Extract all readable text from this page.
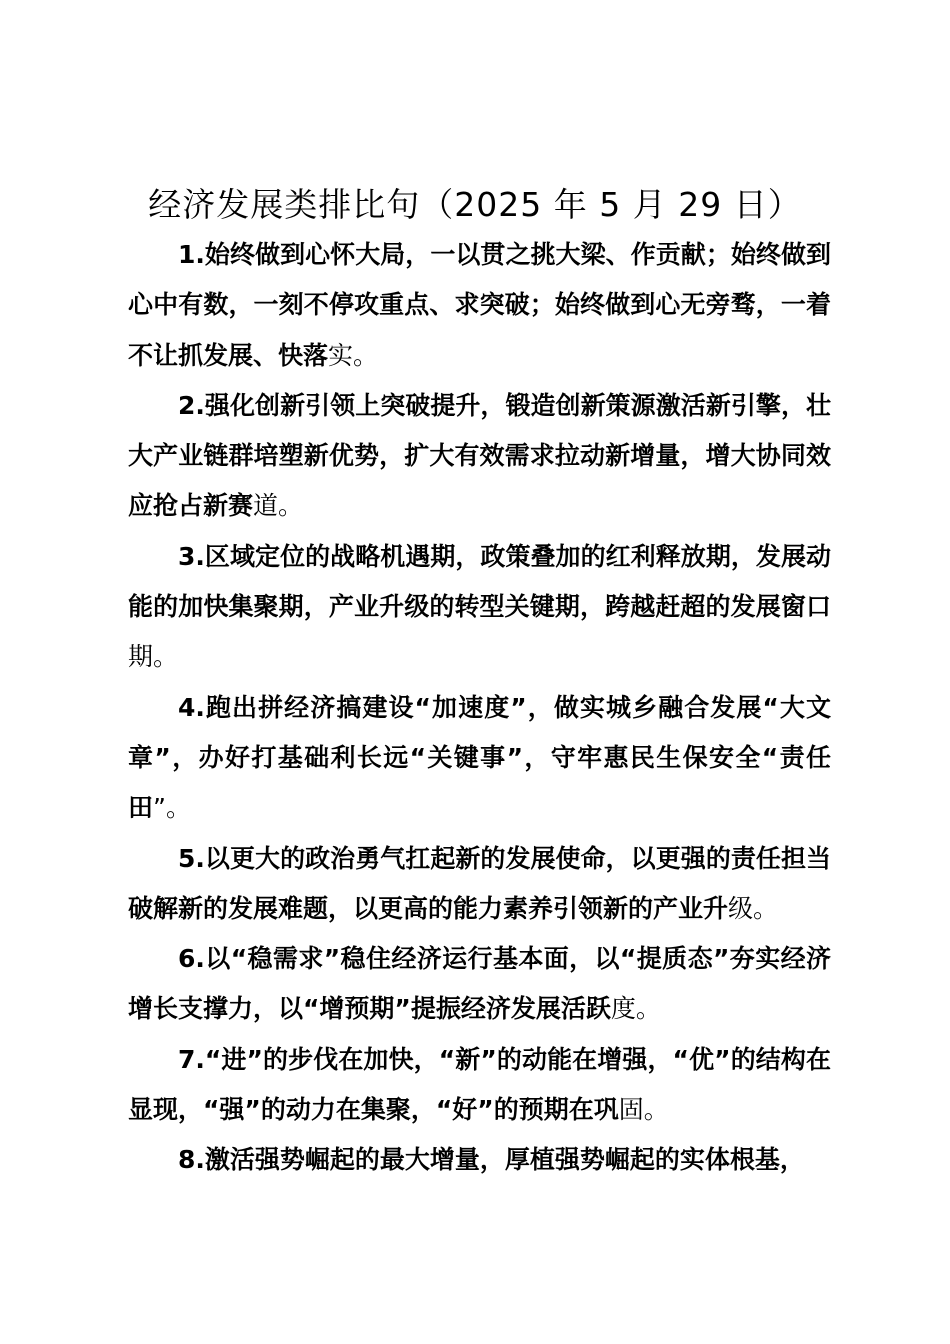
经济发展类排比句（2025 年 5 月 29 日）

1.始终做到心怀大局，一以贯之挑大梁、作贡献；始终做到心中有数，一刻不停攻重点、求突破；始终做到心无旁骛，一着不让抓发展、快落实。

2.强化创新引领上突破提升，锻造创新策源激活新引擎，壮大产业链群培塑新优势，扩大有效需求拉动新增量，增大协同效应抢占新赛道。

3.区域定位的战略机遇期，政策叠加的红利释放期，发展动能的加快集聚期，产业升级的转型关键期，跨越赶超的发展窗口期。

4.跑出拼经济搞建设“加速度”，做实城乡融合发展“大文章”，办好打基础利长远“关键事”，守牢惠民生保安全“责任田”。

5.以更大的政治勇气扛起新的发展使命，以更强的责任担当破解新的发展难题，以更高的能力素养引领新的产业升级。

6.以“稳需求”稳住经济运行基本面，以“提质态”夯实经济增长支撑力，以“增预期”提振经济发展活跃度。

7.“进”的步伐在加快，“新”的动能在增强，“优”的结构在显现，“强”的动力在集聚，“好”的预期在巩固。

8.激活强势崛起的最大增量，厚植强势崛起的实体根基，
